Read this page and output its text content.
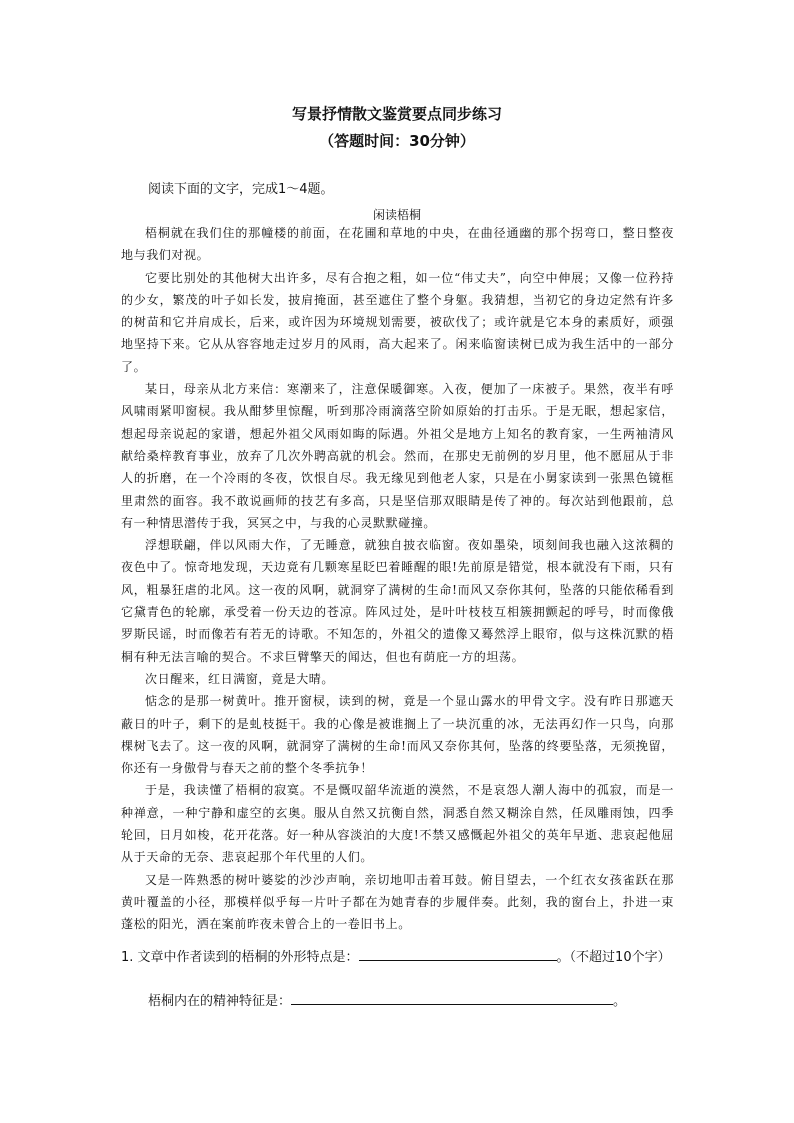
写景抒情散文鉴赏要点同步练习
（答题时间：30分钟）
阅读下面的文字，完成1～4题。
闲读梧桐

梧桐就在我们住的那幢楼的前面，在花圃和草地的中央，在曲径通幽的那个拐弯口，整日整夜地与我们对视。

它要比别处的其他树大出许多，尽有合抱之粗，如一位“伟丈夫”，向空中伸展；又像一位矜持的少女，繁茂的叶子如长发，披肩掩面，甚至遮住了整个身躯。我猜想，当初它的身边定然有许多的树苗和它并肩成长，后来，或许因为环境规划需要，被砍伐了；或许就是它本身的素质好，顽强地坚持下来。它从从容容地走过岁月的风雨，高大起来了。闲来临窗读树已成为我生活中的一部分了。

某日，母亲从北方来信：寒潮来了，注意保暖御寒。入夜，便加了一床被子。果然，夜半有呼风啸雨紧叩窗棂。我从酣梦里惊醒，听到那冷雨滴落空阶如原始的打击乐。于是无眠，想起家信，想起母亲说起的家谱，想起外祖父风雨如晦的际遇。外祖父是地方上知名的教育家，一生两袖清风献给桑梓教育事业，放弃了几次外聘高就的机会。然而，在那史无前例的岁月里，他不愿屈从于非人的折磨，在一个冷雨的冬夜，饮恨自尽。我无缘见到他老人家，只是在小舅家读到一张黑色镜框里肃然的面容。我不敢说画师的技艺有多高，只是坚信那双眼睛是传了神的。每次站到他跟前，总有一种情思潜传于我，冥冥之中，与我的心灵默默碰撞。

浮想联翩，伴以风雨大作，了无睡意，就独自披衣临窗。夜如墨染，顷刻间我也融入这浓稠的夜色中了。惊奇地发现，天边竟有几颗寒星眨巴着睡醒的眼!先前原是错觉，根本就没有下雨，只有风，粗暴狂虐的北风。这一夜的风啊，就洞穿了满树的生命!而风又奈你其何，坠落的只能依稀看到它黛青色的轮廓，承受着一份天边的苍凉。阵风过处，是叶叶枝枝互相簇拥颤起的呼号，时而像俄罗斯民谣，时而像若有若无的诗歌。不知怎的，外祖父的遗像又蓦然浮上眼帘，似与这株沉默的梧桐有种无法言喻的契合。不求巨臂擎天的闻达，但也有荫庇一方的坦荡。

次日醒来，红日满窗，竟是大晴。

惦念的是那一树黄叶。推开窗棂，读到的树，竟是一个显山露水的甲骨文字。没有昨日那遮天蔽日的叶子，剩下的是虬枝挺干。我的心像是被谁搁上了一块沉重的冰，无法再幻作一只鸟，向那棵树飞去了。这一夜的风啊，就洞穿了满树的生命!而风又奈你其何，坠落的终要坠落，无须挽留，你还有一身傲骨与春天之前的整个冬季抗争！

于是，我读懂了梧桐的寂寞。不是慨叹韶华流逝的漠然，不是哀怨人潮人海中的孤寂，而是一种禅意，一种宁静和虚空的玄奥。服从自然又抗衡自然，洞悉自然又糊涂自然，任凤雕雨蚀，四季轮回，日月如梭，花开花落。好一种从容淡泊的大度!不禁又感慨起外祖父的英年早逝、悲哀起他屈从于天命的无奈、悲哀起那个年代里的人们。

又是一阵熟悉的树叶婆娑的沙沙声响，亲切地叩击着耳鼓。俯目望去，一个红衣女孩雀跃在那黄叶覆盖的小径，那模样似乎每一片叶子都在为她青春的步履伴奏。此刻，我的窗台上，扑进一束蓬松的阳光，洒在案前昨夜未曾合上的一卷旧书上。

1. 文章中作者读到的梧桐的外形特点是：	。（不超过10个字）
梧桐内在的精神特征是：	。
